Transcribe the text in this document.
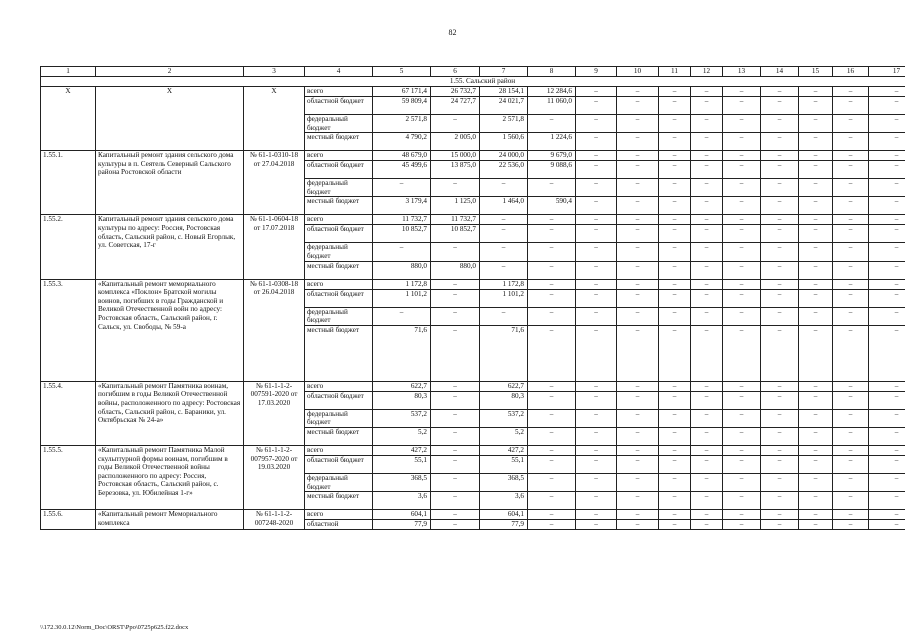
82
1	2	3	4	5	6	7	8	9	10	11	12	13	14	15	16	17
1.55. Сальский район																
X	X	X	всего	67 171,4	26 732,7	28 154,1	12 284,6	–	–	–	–	–	–	–	–	–
			областной бюджет	59 809,4	24 727,7	24 021,7	11 060,0	–	–	–	–	–	–	–	–	–
			федеральный бюджет	2 571,8	–	2 571,8	–	–	–	–	–	–	–	–	–	–
			местный бюджет	4 790,2	2 005,0	1 560,6	1 224,6	–	–	–	–	–	–	–	–	–
1.55.1.	Капитальный ремонт здания сельского дома культуры в п. Сеятель Северный Сальского района Ростовской области	№ 61-1-0310-18 от 27.04.2018	всего	48 679,0	15 000,0	24 000,0	9 679,0	–	–	–	–	–	–	–	–	–
			областной бюджет	45 499,6	13 875,0	22 536,0	9 088,6	–	–	–	–	–	–	–	–	–
			федеральный бюджет	–	–	–	–	–	–	–	–	–	–	–	–	–
			местный бюджет	3 179,4	1 125,0	1 464,0	590,4	–	–	–	–	–	–	–	–	–
1.55.2.	Капитальный ремонт здания сельского дома культуры по адресу: Россия, Ростовская область, Сальский район, с. Новый Егорлык, ул. Советская, 17-г	№ 61-1-0604-18 от 17.07.2018	всего	11 732,7	11 732,7	–	–	–	–	–	–	–	–	–	–	–
			областной бюджет	10 852,7	10 852,7	–	–	–	–	–	–	–	–	–	–	–
			федеральный бюджет	–	–	–	–	–	–	–	–	–	–	–	–	–
			местный бюджет	880,0	880,0	–	–	–	–	–	–	–	–	–	–	–
1.55.3.	«Капитальный ремонт мемориального комплекса «Поклон» Братской могилы воинов, погибших в годы Гражданской и Великой Отечественной войн по адресу: Ростовская область, Сальский район, г. Сальск, ул. Свободы, № 59-а	№ 61-1-0308-18 от 26.04.2018	всего	1 172,8	–	1 172,8	–	–	–	–	–	–	–	–	–	–
			областной бюджет	1 101,2	–	1 101,2	–	–	–	–	–	–	–	–	–	–
			федеральный бюджет	–	–	–	–	–	–	–	–	–	–	–	–	–
			местный бюджет	71,6	–	71,6	–	–	–	–	–	–	–	–	–	–
1.55.4.	«Капитальный ремонт Памятника воинам, погибшим в годы Великой Отечественной войны, расположенного по адресу: Ростовская область, Сальский район, с. Бараники, ул. Октябрьская № 24-а»	№ 61-1-1-2-007591-2020 от 17.03.2020	всего	622,7	–	622,7	–	–	–	–	–	–	–	–	–	–
			областной бюджет	80,3	–	80,3	–	–	–	–	–	–	–	–	–	–
			федеральный бюджет	537,2	–	537,2	–	–	–	–	–	–	–	–	–	–
			местный бюджет	5,2	–	5,2	–	–	–	–	–	–	–	–	–	–
1.55.5.	«Капитальный ремонт Памятника Малой скульптурной формы воинам, погибшим в годы Великой Отечественной войны расположенного по адресу: Россия, Ростовская область, Сальский район, с. Березовка, ул. Юбилейная 1-г»	№ 61-1-1-2-007957-2020 от 19.03.2020	всего	427,2	–	427,2	–	–	–	–	–	–	–	–	–	–
			областной бюджет	55,1	–	55,1	–	–	–	–	–	–	–	–	–	–
			федеральный бюджет	368,5	–	368,5	–	–	–	–	–	–	–	–	–	–
			местный бюджет	3,6	–	3,6	–	–	–	–	–	–	–	–	–	–
1.55.6.	«Капитальный ремонт Мемориального комплекса	№ 61-1-1-2-007248-2020	всего	604,1	–	604,1	–	–	–	–	–	–	–	–	–	–
			областной	77,9	–	77,9	–	–	–	–	–	–	–	–	–	–
\\172.30.0.12\Norm_Doc\ORST\Ppo\0725p625.f22.docx
